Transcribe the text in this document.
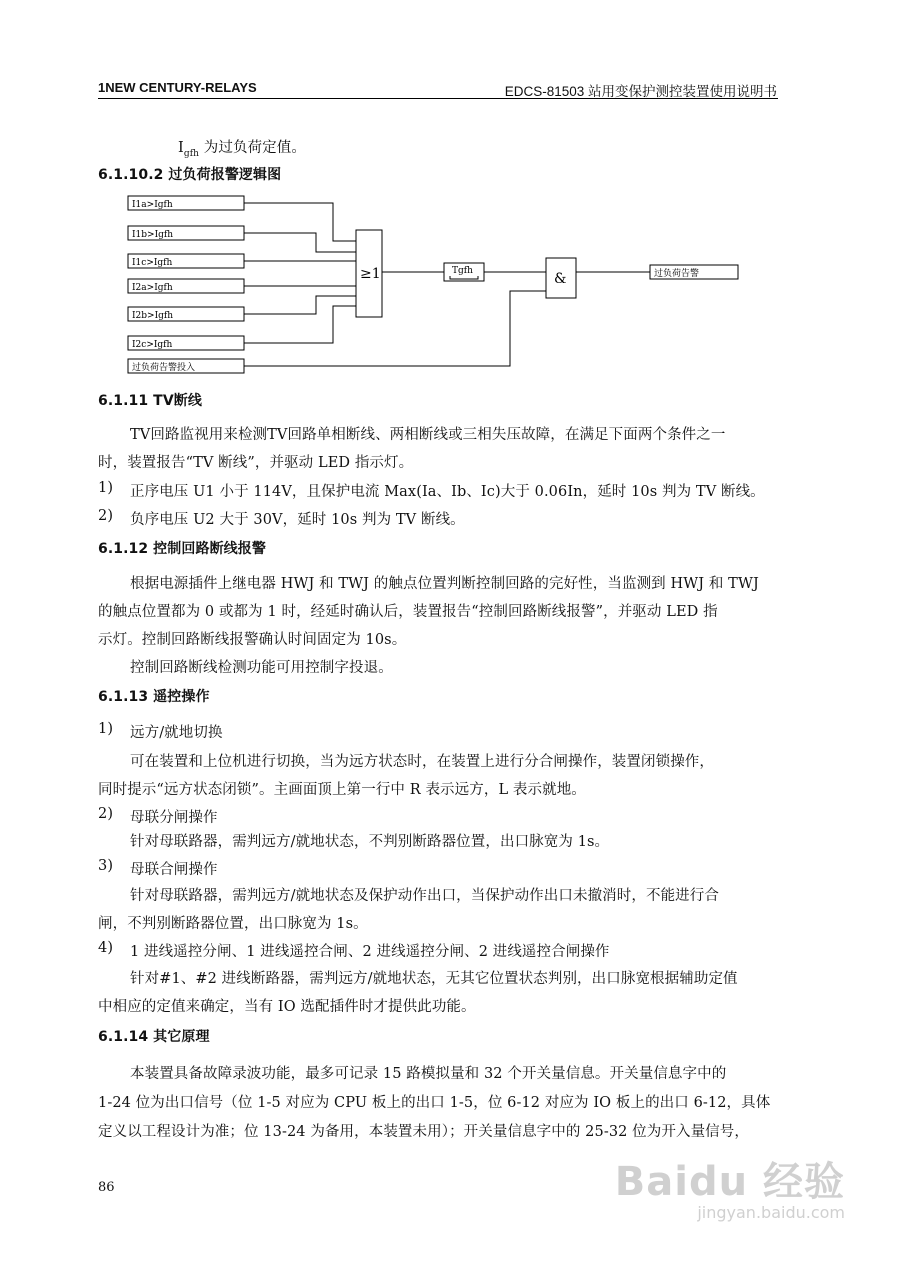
1NEW CENTURY-RELAYS	EDCS-81503 站用变保护测控装置使用说明书
$I_{gfh}$ 为过负荷定值。
6.1.10.2 过负荷报警逻辑图
I1a>Igfh
I1b>Igfh
I1c>Igfh
I2a>Igfh
I2b>Igfh
I2c>Igfh
过负荷告警投入
≥1	Tgfh	&	过负荷告警
6.1.11 TV断线
TV回路监视用来检测TV回路单相断线、两相断线或三相失压故障，在满足下面两个条件之一
时，装置报告“TV 断线”，并驱动 LED 指示灯。
1) 正序电压 U1 小于 114V，且保护电流 Max(Ia、Ib、Ic)大于 0.06In，延时 10s 判为 TV 断线。
2) 负序电压 U2 大于 30V，延时 10s 判为 TV 断线。
6.1.12 控制回路断线报警
根据电源插件上继电器 HWJ 和 TWJ 的触点位置判断控制回路的完好性，当监测到 HWJ 和 TWJ
的触点位置都为 0 或都为 1 时，经延时确认后，装置报告“控制回路断线报警”，并驱动 LED 指
示灯。控制回路断线报警确认时间固定为 10s。
控制回路断线检测功能可用控制字投退。
6.1.13 遥控操作
1) 远方/就地切换
可在装置和上位机进行切换，当为远方状态时，在装置上进行分合闸操作，装置闭锁操作，
同时提示“远方状态闭锁”。主画面顶上第一行中 R 表示远方，L 表示就地。
2) 母联分闸操作
针对母联路器，需判远方/就地状态，不判别断路器位置，出口脉宽为 1s。
3) 母联合闸操作
针对母联路器，需判远方/就地状态及保护动作出口，当保护动作出口未撤消时，不能进行合
闸，不判别断路器位置，出口脉宽为 1s。
4) 1 进线遥控分闸、1 进线遥控合闸、2 进线遥控分闸、2 进线遥控合闸操作
针对#1、#2 进线断路器，需判远方/就地状态，无其它位置状态判别，出口脉宽根据辅助定值
中相应的定值来确定，当有 IO 选配插件时才提供此功能。
6.1.14 其它原理
本装置具备故障录波功能，最多可记录 15 路模拟量和 32 个开关量信息。开关量信息字中的
1-24 位为出口信号（位 1-5 对应为 CPU 板上的出口 1-5，位 6-12 对应为 IO 板上的出口 6-12，具体
定义以工程设计为准；位 13-24 为备用，本装置未用）；开关量信息字中的 25-32 位为开入量信号，
86	Baidu 经验
jingyan.baidu.com
